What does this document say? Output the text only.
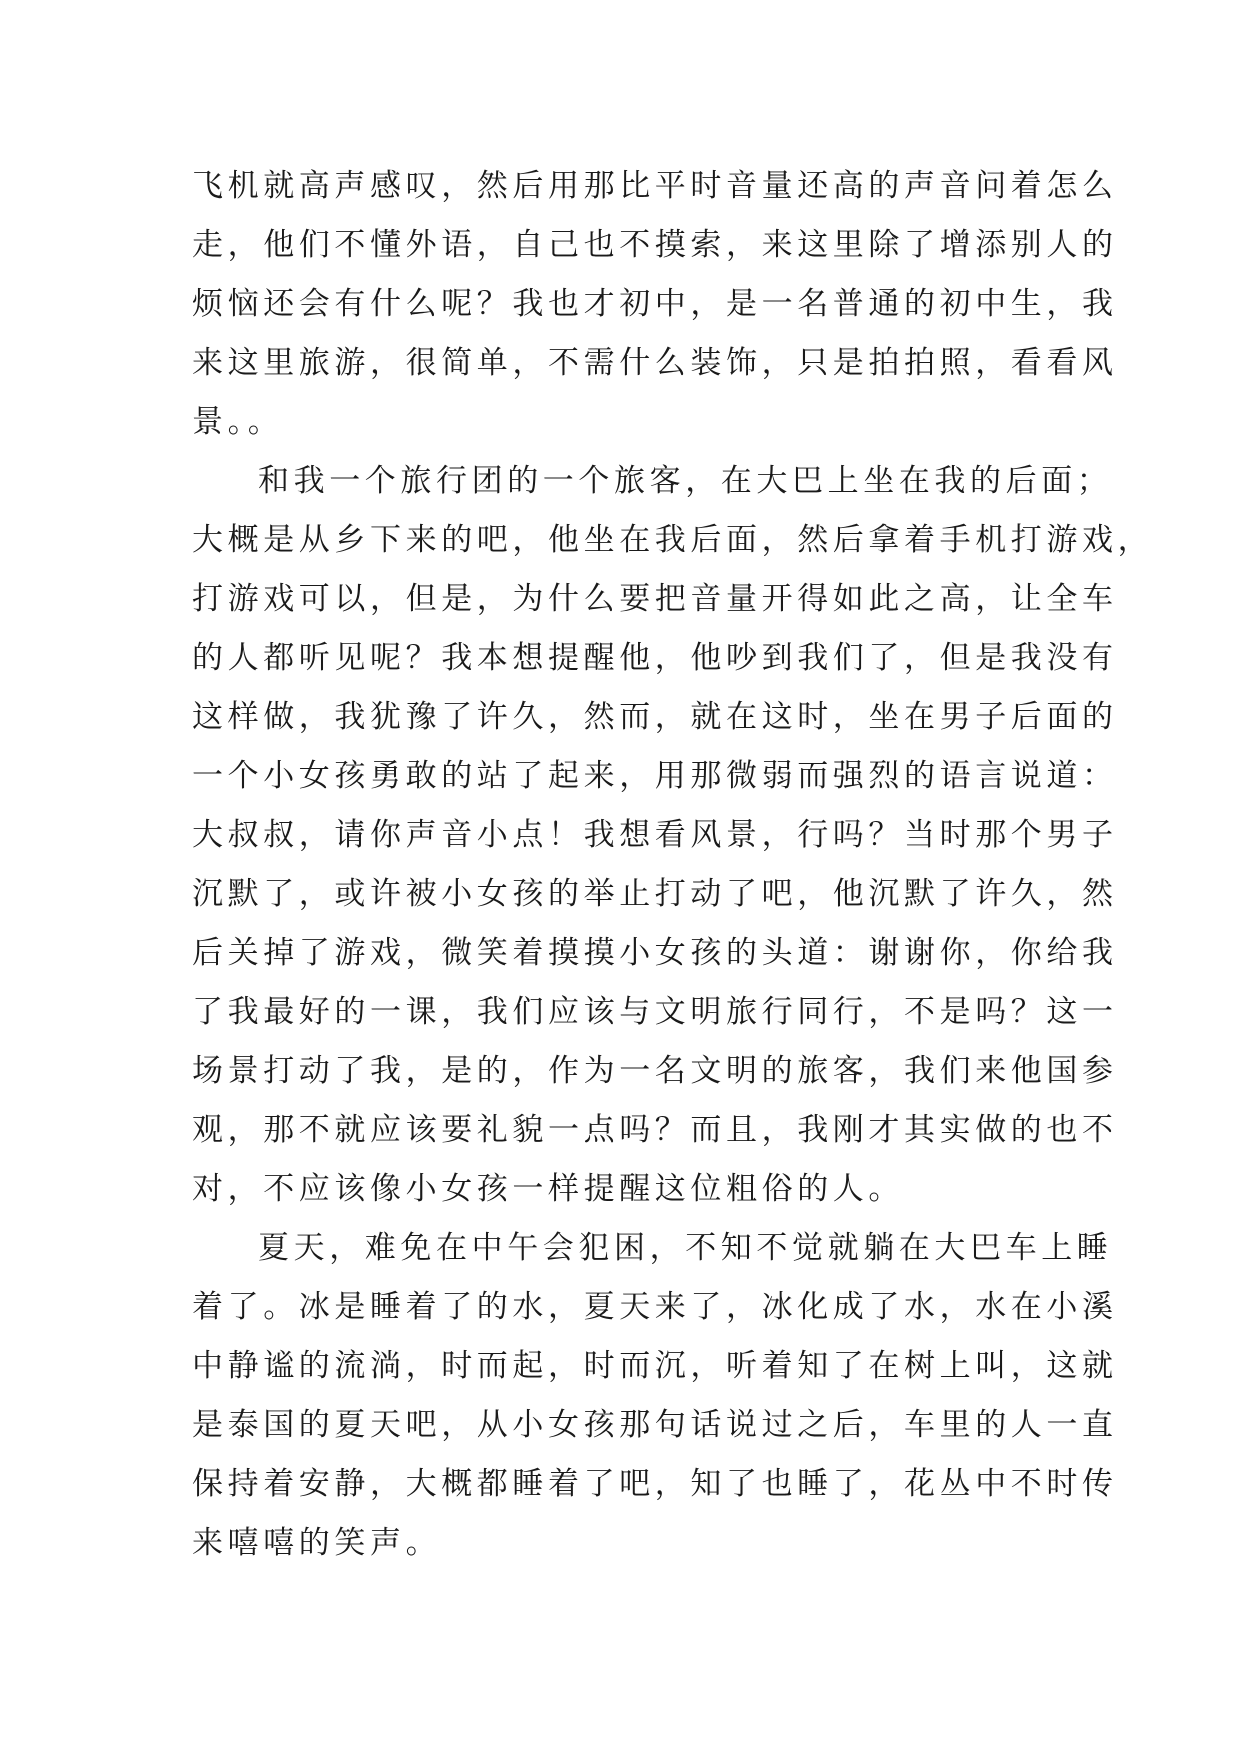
飞机就高声感叹，然后用那比平时音量还高的声音问着怎么
走，他们不懂外语，自己也不摸索，来这里除了增添别人的
烦恼还会有什么呢？我也才初中，是一名普通的初中生，我
来这里旅游，很简单，不需什么装饰，只是拍拍照，看看风
景。。
和我一个旅行团的一个旅客，在大巴上坐在我的后面；
大概是从乡下来的吧，他坐在我后面，然后拿着手机打游戏，
打游戏可以，但是，为什么要把音量开得如此之高，让全车
的人都听见呢？我本想提醒他，他吵到我们了，但是我没有
这样做，我犹豫了许久，然而，就在这时，坐在男子后面的
一个小女孩勇敢的站了起来，用那微弱而强烈的语言说道：
大叔叔，请你声音小点！我想看风景，行吗？当时那个男子
沉默了，或许被小女孩的举止打动了吧，他沉默了许久，然
后关掉了游戏，微笑着摸摸小女孩的头道：谢谢你，你给我
了我最好的一课，我们应该与文明旅行同行，不是吗？这一
场景打动了我，是的，作为一名文明的旅客，我们来他国参
观，那不就应该要礼貌一点吗？而且，我刚才其实做的也不
对，不应该像小女孩一样提醒这位粗俗的人。
夏天，难免在中午会犯困，不知不觉就躺在大巴车上睡
着了。冰是睡着了的水，夏天来了，冰化成了水，水在小溪
中静谧的流淌，时而起，时而沉，听着知了在树上叫，这就
是泰国的夏天吧，从小女孩那句话说过之后，车里的人一直
保持着安静，大概都睡着了吧，知了也睡了，花丛中不时传
来嘻嘻的笑声。
